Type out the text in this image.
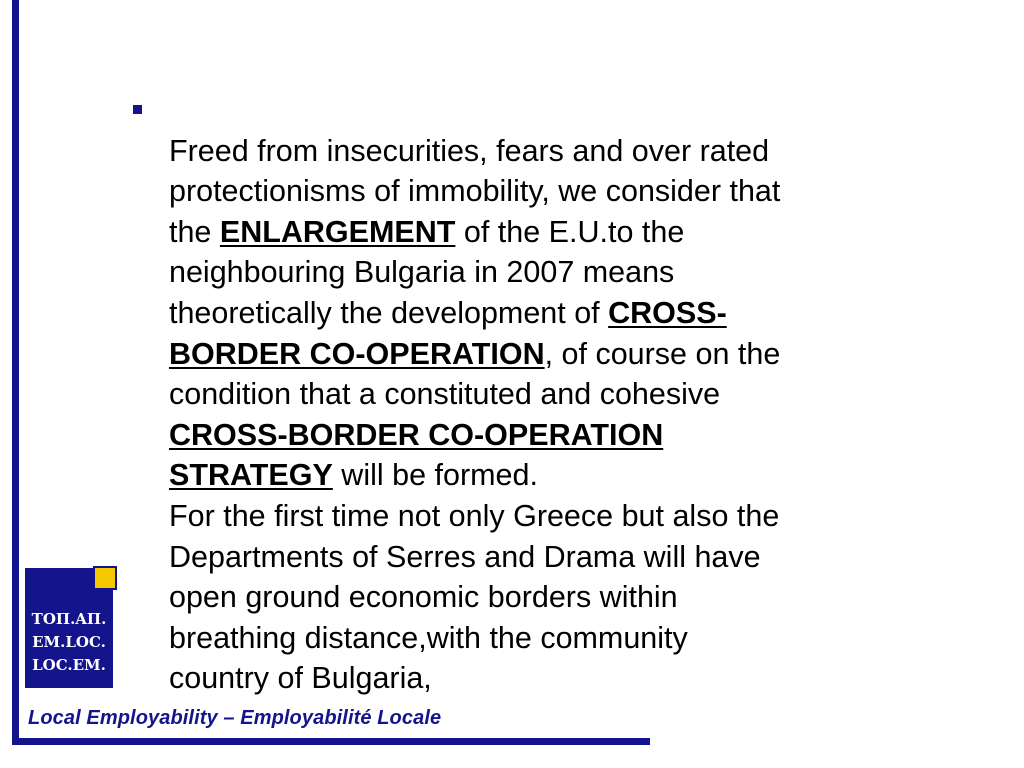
Freed from insecurities, fears and over rated
protectionisms of immobility, we consider that
the ENLARGEMENT of the E.U.to the
neighbouring Bulgaria in 2007 means
theoretically the development of CROSS-
BORDER CO-OPERATION, of course on the
condition that a constituted and cohesive
CROSS-BORDER CO-OPERATION
STRATEGY will be formed.
For the first time not only Greece but also the
Departments of Serres and Drama will have
open ground economic borders within
breathing distance,with the community
country of Bulgaria,

ΤΟΠ.ΑΠ.
EM.LOC.
LOC.EM.
Local Employability – Employabilité Locale
